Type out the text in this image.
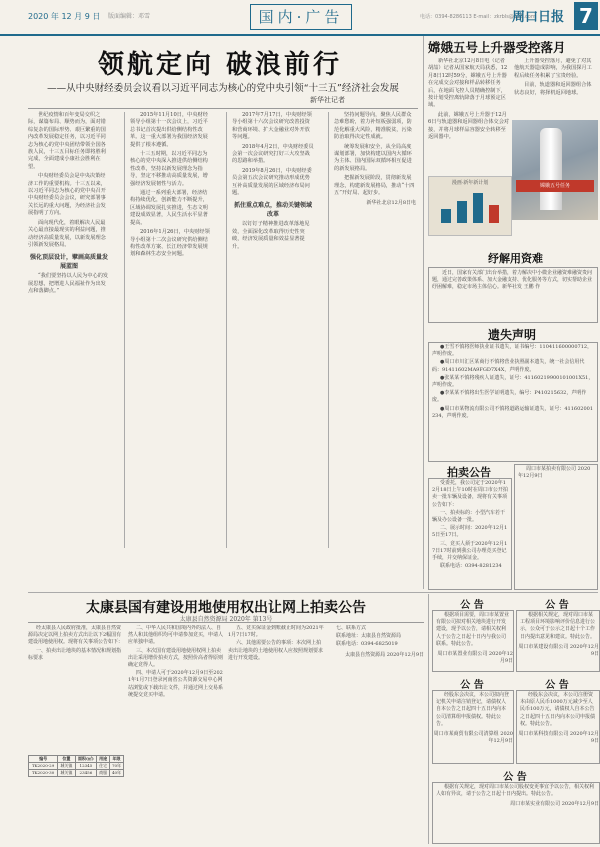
2020 年 12 月 9 日 版面编辑：邓雪	国内·广告	电话：0394-8286113 E-mail：zkrbls@126.com
周口日报 7
领航定向 破浪前行
——从中央财经委员会议看以习近平同志为核心的党中央引领“十三五”经济社会发展
新华社记者

世纪疫情和百年变局交织之际，谋篇布局、顺势而为，面对错综复杂的国际形势、艰巨繁重的国内改革发展稳定任务，以习近平同志为核心的党中央团结带领全国各族人民，十三五目标任务即将胜利完成，全面建成小康社会胜利在望。

中央财经委员会是中央决策经济工作的重要机构。十三五以来，以习近平同志为核心的党中央召开中央财经委员会会议，研究部署事关长远的重大问题，为经济社会发展指明了方向。

面向现代化，着眼解决人民最关心最直接最现实的利益问题，推动经济高质量发展，以新发展理念引领新发展格局。

强化顶层设计，擘画高质量发展蓝图

“我们要坚持以人民为中心的发展思想，把增进人民福祉作为出发点和落脚点。”

2015年11月10日，中央财经领导小组第十一次会议上，习近平总书记首次提出供给侧结构性改革。这一重大部署为我国经济发展提供了根本遵循。

十三五时期，以习近平同志为核心的党中央深入推进供给侧结构性改革，坚持以新发展理念为指导，坚定不移推动高质量发展，增强经济发展韧性与活力。

通过一系列重大部署，经济结构持续优化，创新能力不断提升，区域协调发展扎实推进，生态文明建设成效显著，人民生活水平显著提高。

2016年1月26日，中央财经领导小组第十二次会议研究供给侧结构性改革方案、长江经济带发展规划和森林生态安全问题。

2017年7月17日，中央财经领导小组第十六次会议研究改善投资和营商环境、扩大金融业对外开放等问题。

2018年4月2日，中央财经委员会第一次会议研究打好三大攻坚战的思路和举措。

2019年8月26日，中央财经委员会第五次会议研究推动形成优势互补高质量发展的区域经济布局问题。

抓住重点难点，推动关键领域改革

以钉钉子精神推进改革落地见效，全面深化改革取得历史性突破，经济发展质量和效益显著提升。

坚持问题导向，聚焦人民群众急难愁盼，着力补短板强弱项，防范化解重大风险，精准脱贫，污染防治取得决定性成就。

统筹发展和安全，从全局高度谋划部署，加快构建以国内大循环为主体、国内国际双循环相互促进的新发展格局。

把握新发展阶段，贯彻新发展理念，构建新发展格局，推动“十四五”开好局、起好步。

新华社北京12月8日电
嫦娥五号上升器受控落月

新华社北京12月8日电（记者胡喆）记者从国家航天局获悉，12月8日12时59分，嫦娥五号上升器在完成交会对接和样品转移任务后，在地面飞控人员精确控制下，按计划受控离轨降落于月球预定区域。

此前，嫦娥五号上升器于12月6日与轨道器和返回器组合体交会对接，并将月球样品容器安全转移至返回器中。

上升器受控落月，避免了对其他航天器造成影响，为我国探月工程后续任务积累了宝贵经验。

目前，轨道器和返回器组合体状态良好，将择机返回地球。

嫦娥五号任务
漫画·新年新计划
纾解用资难

近日，国家有关部门出台举措，着力解决中小微企业融资难融资贵问题，通过完善政策体系、加大金融支持、优化服务等方式，切实帮助企业纾困解难，稳定市场主体信心。新华社发 王鹏 作

遗失声明

●王雪不慎将医师执业证书遗失，证书编号：110411600000712，声明作废。

●周口市川汇区某商行不慎将营业执照副本遗失，统一社会信用代码：91411602MA9FGD7X4X，声明作废。

●张某某不慎将残疾人证遗失，证号：41160219900101001X51，声明作废。

●李某某不慎将出生医学证明遗失，编号：P410215632，声明作废。

●周口市某物流有限公司不慎将道路运输证遗失，证号：411602001234，声明作废。

拍卖公告

受委托，我公司定于2020年12月18日上午10时在周口市公开拍卖一批车辆及设备，现将有关事项公告如下：

一、拍卖标的：小型汽车若干辆及办公设备一批。

二、展示时间：2020年12月15日至17日。

三、竞买人须于2020年12月17日17时前到我公司办理竞买登记手续，并交纳保证金。

联系电话：0394-8281234

周口市某拍卖有限公司 2020年12月9日

太康县国有建设用地使用权出让网上拍卖公告
太康县自然资源局 2020年 第13号

经太康县人民政府批准，太康县自然资源局决定以网上拍卖方式出让以下2幅国有建设用地使用权。现将有关事项公告如下：

一、拍卖出让地块的基本情况和规划指标要求

编号	位置	面积(㎡)	用途	年限
TK2020-29	城关镇	12345	住宅	70年
TK2020-30	城关镇	23456	商服	40年

二、中华人民共和国境内外的法人、自然人和其他组织均可申请参加竞买，申请人应单独申请。

三、本次国有建设用地使用权网上拍卖出让采用增价拍卖方式，按照价高者得原则确定竞得人。

四、申请人可于2020年12月9日至2021年1月7日登录河南省公共资源交易中心网站浏览或下载出让文件，并通过网上交易系统提交竞买申请。

五、竞买保证金到账截止时间为2021年1月7日17时。

六、其他需要公告的事项：本次网上拍卖出让地块的土地使用权人应按照规划要求进行开发建设。

七、联系方式

联系地址：太康县自然资源局

联系电话：0394-6825019

太康县自然资源局 2020年12月9日
公 告

根据项目需要，周口市某置业有限公司拟对相关地块进行开发建设，现予以公告，请相关权利人于公告之日起十日内与我公司联系。特此公告。

周口市某置业有限公司 2020年12月9日
公 告

根据相关规定，现对周口市某工程项目环境影响评价信息进行公示，公众可于公示之日起十个工作日内提出意见和建议。特此公告。

周口市某建设有限公司 2020年12月9日
公 告

经股东会决议，本公司拟向登记机关申请注销登记，请债权人自本公告之日起四十五日内向本公司清算组申报债权。特此公告。

周口市某商贸有限公司清算组 2020年12月9日
公 告

经股东会决议，本公司注册资本由原人民币1000万元减少至人民币100万元，请债权人自本公告之日起四十五日内向本公司申报债权。特此公告。

周口市某科技有限公司 2020年12月9日
公 告

根据有关规定，现对周口市某公司股权变更事宜予以公告，相关权利人如有异议，请于公告之日起十日内提出。特此公告。

周口市某实业有限公司 2020年12月9日
